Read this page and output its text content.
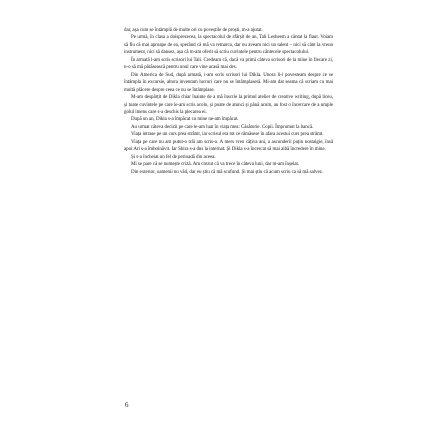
dar, așa cum se întâmplă de multe ori cu poveștile de proști, m-a ajutat.

Pe urmă, în clasa a doisprezecea, la spectacolul de sfârșit de an, Tali Lesheem a cântat la flaut. Voiam să fiu că mai aproape de ea, sperând că mă va remarca, dar nu aveam nici un talent – nici să cânt la vreun instrument, nici să dansez, așa că m-am oferit să scriu cuvintele pentru cântecele spectacolului.

În armată l-am scris scrisori lui Tali. Credeam că, dacă va primi câteva scrisori de la mine în fiecare zi, n-o să mă părăsească pentru unul care vine acasă mai des.

Din America de Sud, după armată, i-am scris scrisori lui Dikla. Unora li-i povesteam despre ce se întâmpla în excursie, altora inventam lucruri care nu se întâmplaseră. Mi-am dat seama că scriam cu mai multă plăcere despre ceea ce nu se întâmplase.

M-am despărțit de Dikla chiar înainte de a mă înscrie la primul atelier de creative writing, după liceu, și toate cuvintele pe care le-am scris acolo, și poate de atunci și până acum, au fost o încercare de a umple golul imens care s-a deschis la plecarea ei.

După un an, Dikla s-a împăcat cu mine ne-am împăcat.

Au urmat câteva decizii pe care le-am luat în viața mea: Căsătorie. Copii. Împrumut la bancă.

Viața intrase pe un curs prea strâmt, iar scrisul era tot ce rămăsese în afara acestui curs prea strâmt.

Viața pe care nu am putut-o trăi am scris-o. A mers vreo câțiva ani, a ascunderii puțin nostalgie, însă apoi Ari s-a îmbolnăvit. Iar Shira s-a dus la internat. Și Dikla s-a încercat să mai aibă încredere în mine.

Și s-a încheiat un fel de perioadă din aceea.

Mi se pare că se numește criză. Am crezut că va trece în câteva luni, dar m-am înșelat.

Din exterior, oamenii nu văd, dar eu știu că mă scufund. Și mai știu că acum scriu ca să mă salvez.

6
